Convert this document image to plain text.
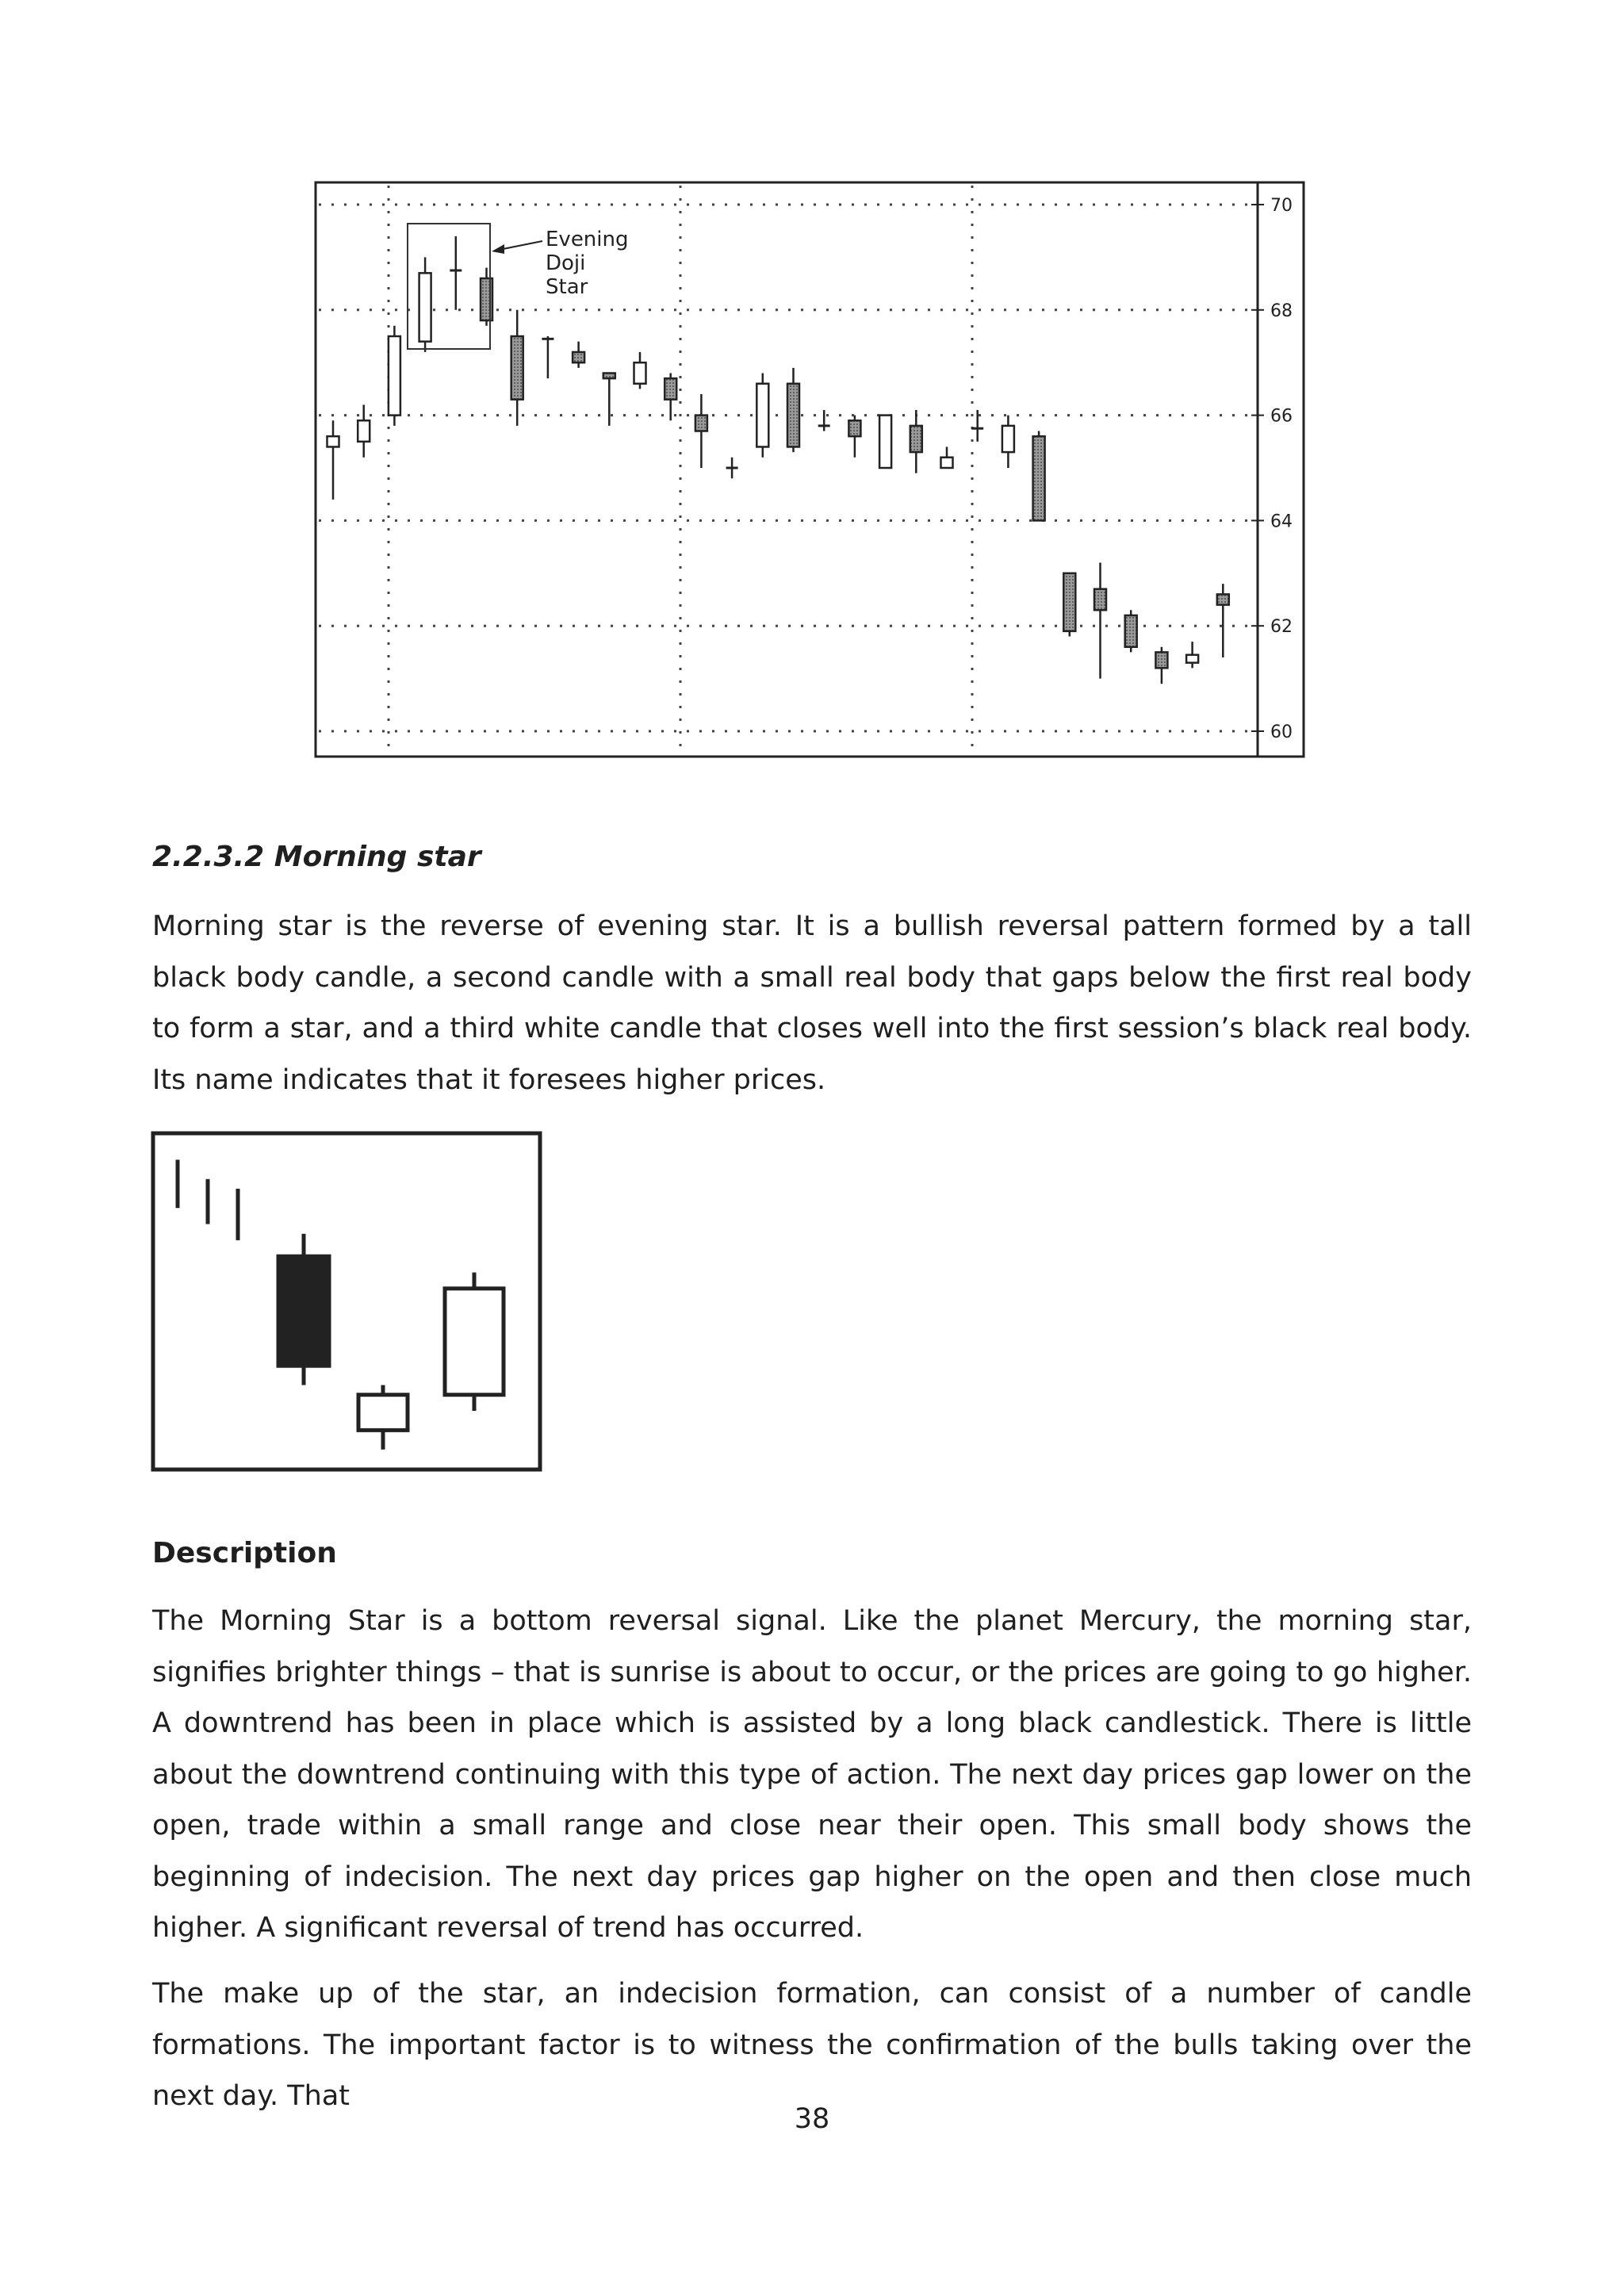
70
68
66
64
62
60
Evening
Doji
Star
2.2.3.2 Morning star

Morning star is the reverse of evening star. It is a bullish reversal pattern formed by a tall black body candle, a second candle with a small real body that gaps below the first real body to form a star, and a third white candle that closes well into the first session’s black real body. Its name indicates that it foresees higher prices.

Description

The Morning Star is a bottom reversal signal. Like the planet Mercury, the morning star, signifies brighter things – that is sunrise is about to occur, or the prices are going to go higher. A downtrend has been in place which is assisted by a long black candlestick. There is little about the downtrend continuing with this type of action. The next day prices gap lower on the open, trade within a small range and close near their open. This small body shows the beginning of indecision. The next day prices gap higher on the open and then close much higher. A significant reversal of trend has occurred.

The make up of the star, an indecision formation, can consist of a number of candle formations. The important factor is to witness the confirmation of the bulls taking over the next day. That

38
